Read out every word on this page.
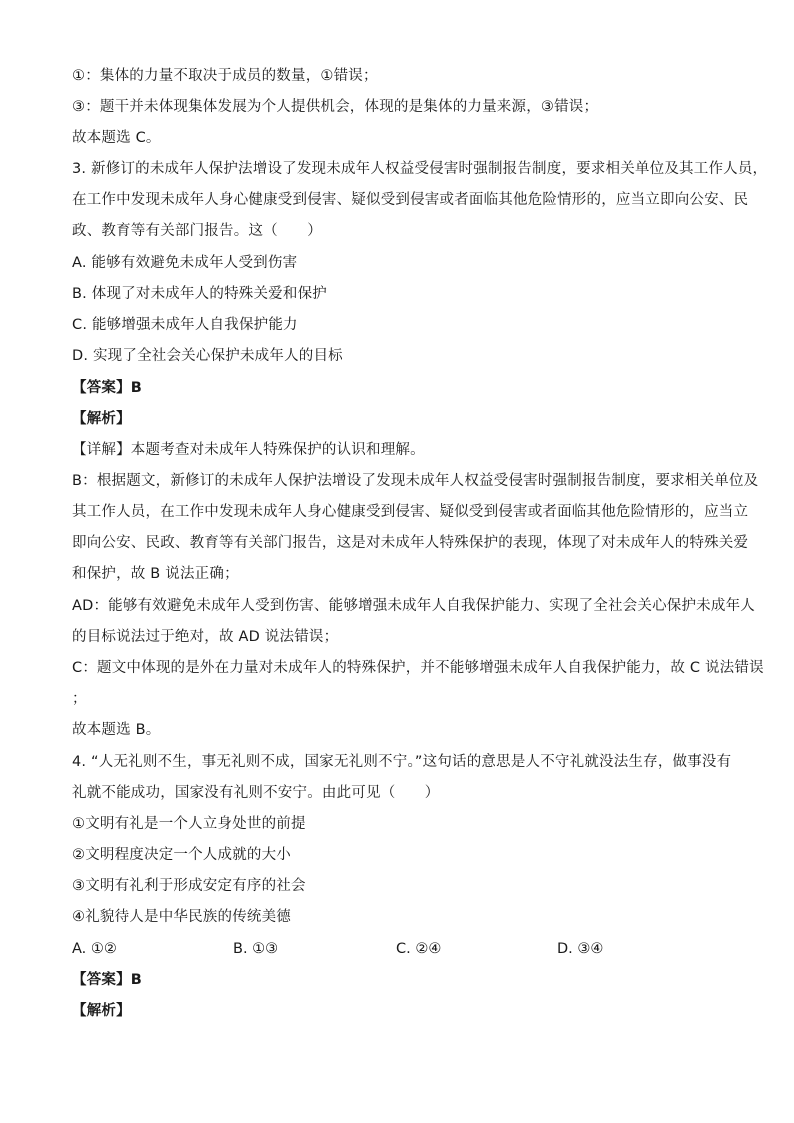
①：集体的力量不取决于成员的数量，①错误；
③：题干并未体现集体发展为个人提供机会，体现的是集体的力量来源，③错误；
故本题选 C。
3. 新修订的未成年人保护法增设了发现未成年人权益受侵害时强制报告制度，要求相关单位及其工作人员，
在工作中发现未成年人身心健康受到侵害、疑似受到侵害或者面临其他危险情形的，应当立即向公安、民
政、教育等有关部门报告。这（　　）
A. 能够有效避免未成年人受到伤害
B. 体现了对未成年人的特殊关爱和保护
C. 能够增强未成年人自我保护能力
D. 实现了全社会关心保护未成年人的目标
【答案】B
【解析】
【详解】本题考查对未成年人特殊保护的认识和理解。
B：根据题文，新修订的未成年人保护法增设了发现未成年人权益受侵害时强制报告制度，要求相关单位及
其工作人员，在工作中发现未成年人身心健康受到侵害、疑似受到侵害或者面临其他危险情形的，应当立
即向公安、民政、教育等有关部门报告，这是对未成年人特殊保护的表现，体现了对未成年人的特殊关爱
和保护，故 B 说法正确；
AD：能够有效避免未成年人受到伤害、能够增强未成年人自我保护能力、实现了全社会关心保护未成年人
的目标说法过于绝对，故 AD 说法错误；
C：题文中体现的是外在力量对未成年人的特殊保护，并不能够增强未成年人自我保护能力，故 C 说法错误
；
故本题选 B。
4. “人无礼则不生，事无礼则不成，国家无礼则不宁。”这句话的意思是人不守礼就没法生存，做事没有
礼就不能成功，国家没有礼则不安宁。由此可见（　　）
①文明有礼是一个人立身处世的前提
②文明程度决定一个人成就的大小
③文明有礼利于形成安定有序的社会
④礼貌待人是中华民族的传统美德
A. ①②	B. ①③	C. ②④	D. ③④
【答案】B
【解析】
